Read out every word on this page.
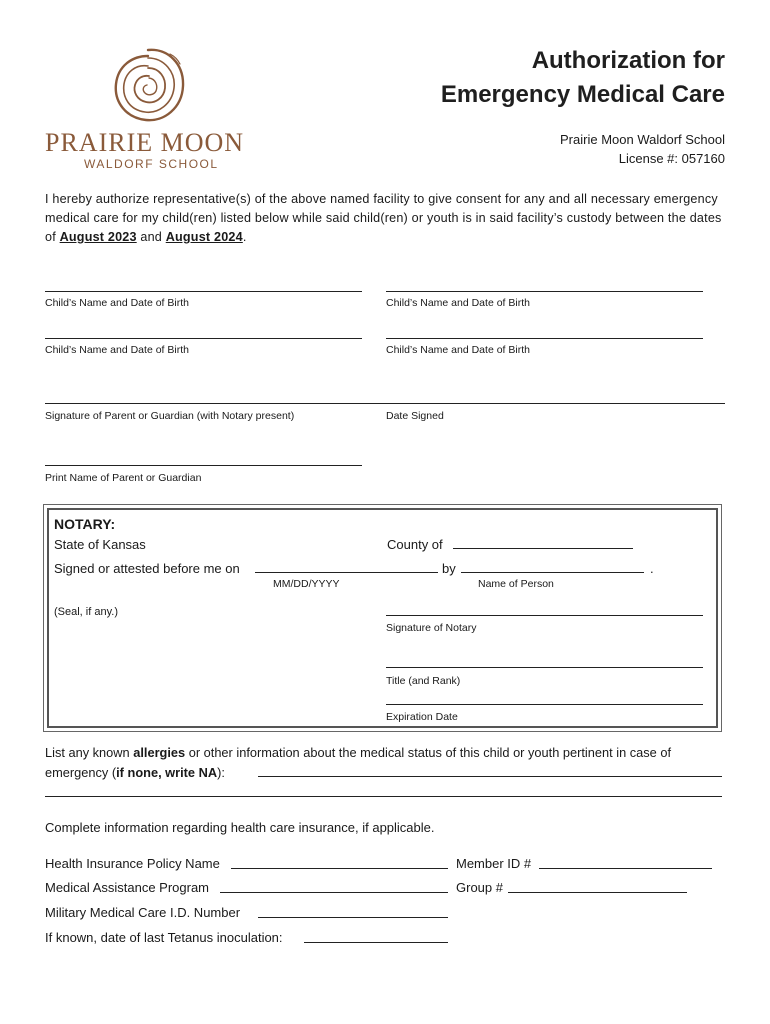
PRAIRIE MOON
WALDORF SCHOOL
Authorization for
Emergency Medical Care
Prairie Moon Waldorf School
License #: 057160
I hereby authorize representative(s) of the above named facility to give consent for any and all necessary emergency medical care for my child(ren) listed below while said child(ren) or youth is in said facility’s custody between the dates of August 2023 and August 2024.
Child’s Name and Date of Birth	Child’s Name and Date of Birth
Child’s Name and Date of Birth	Child’s Name and Date of Birth
Signature of Parent or Guardian (with Notary present)	Date Signed
Print Name of Parent or Guardian
NOTARY:
State of Kansas	County of
Signed or attested before me on	by	.
MM/DD/YYYY	Name of Person
(Seal, if any.)
Signature of Notary
Title (and Rank)
Expiration Date
List any known allergies or other information about the medical status of this child or youth pertinent in case of emergency (if none, write NA):
Complete information regarding health care insurance, if applicable.
Health Insurance Policy Name	Member ID #
Medical Assistance Program	Group #
Military Medical Care I.D. Number
If known, date of last Tetanus inoculation:
